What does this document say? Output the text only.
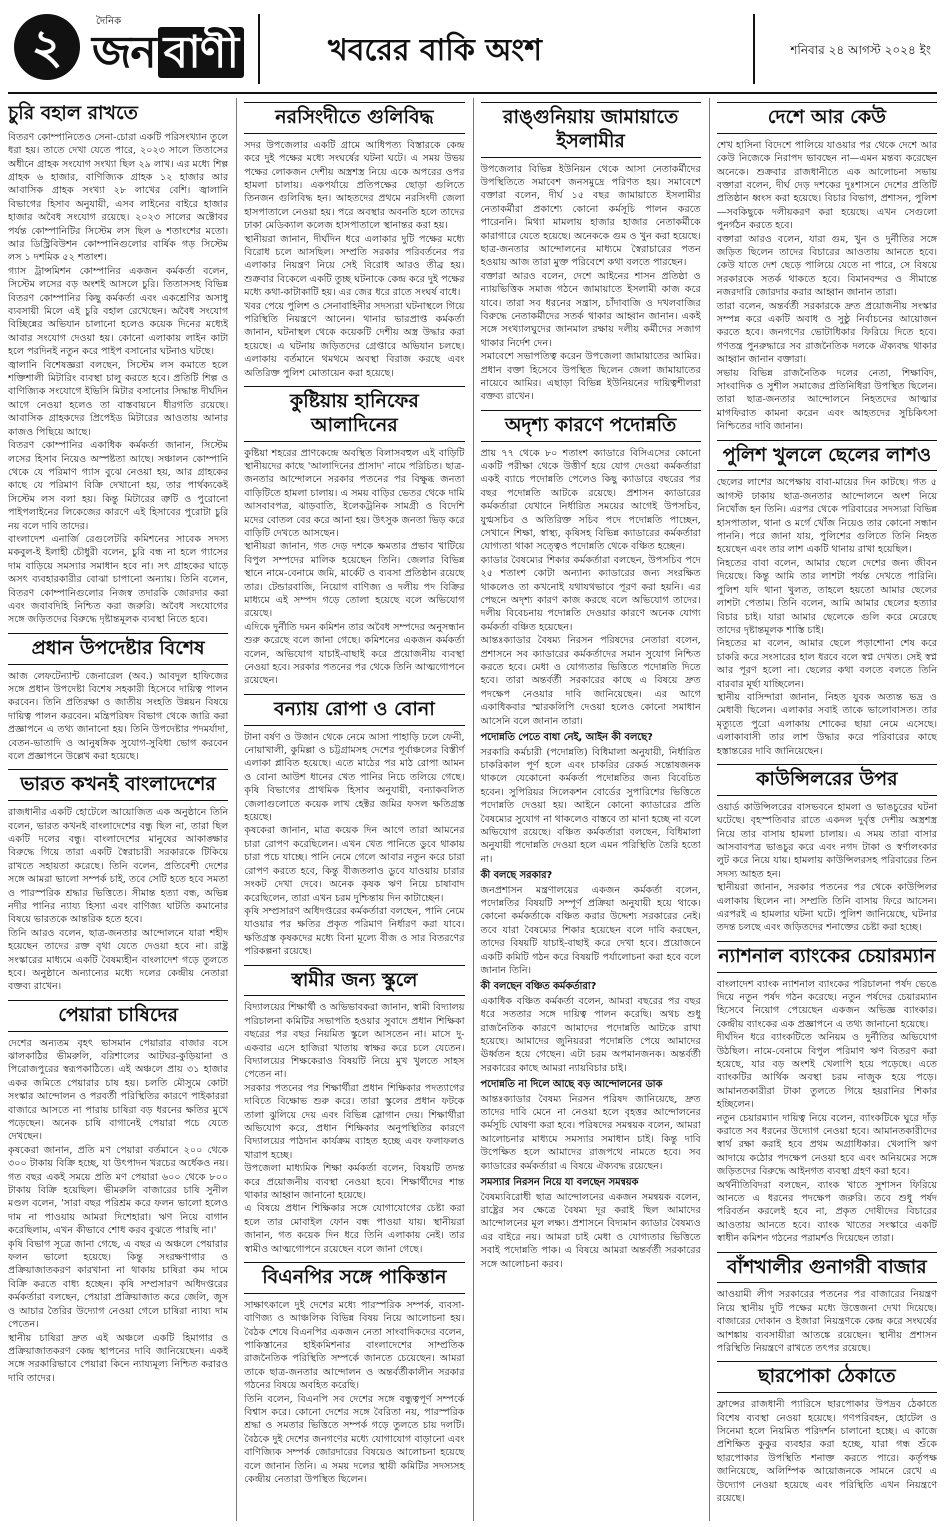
২	দৈনিক
জন বাণী	খবরের বাকি অংশ	শনিবার ২৪ আগস্ট ২০২৪ ইং
চুরি বহাল রাখতে

বিতরণ কোম্পানিতেও সেনা-চোরা একটি পরিসংখ্যান তুলে ধরা হয়। তাতে দেখা যেতে পারে, ২০২৩ সালে তিতাসের অধীনে গ্রাহক সংযোগ সংখ্যা ছিল ২৯ লাখ। এর মধ্যে শিল্প গ্রাহক ৬ হাজার, বাণিজ্যিক গ্রাহক ১২ হাজার আর আবাসিক গ্রাহক সংখ্যা ২৮ লাখের বেশি। জ্বালানি বিভাগের হিসাব অনুযায়ী, এসব লাইনের বাইরে হাজার হাজার অবৈধ সংযোগ রয়েছে। ২০২৩ সালের অক্টোবর পর্যন্ত কোম্পানিটির সিস্টেম লস ছিল ৬ শতাংশের মতো। আর ডিস্ট্রিবিউশন কোম্পানিগুলোর বার্ষিক গড় সিস্টেম লস ১ দশমিক ৫২ শতাংশ।
গ্যাস ট্রান্সমিশন কোম্পানির একজন কর্মকর্তা বলেন, সিস্টেম লসের বড় অংশই আসলে চুরি। তিতাসসহ বিভিন্ন বিতরণ কোম্পানির কিছু কর্মকর্তা এবং একশ্রেণির অসাধু ব্যবসায়ী মিলে এই চুরি বহাল রেখেছেন। অবৈধ সংযোগ বিচ্ছিন্নের অভিযান চালানো হলেও কয়েক দিনের মধ্যেই আবার সংযোগ দেওয়া হয়। কোনো এলাকায় লাইন কাটা হলে পরদিনই নতুন করে পাইপ বসানোর ঘটনাও ঘটছে।
জ্বালানি বিশেষজ্ঞরা বলছেন, সিস্টেম লস কমাতে হলে শক্তিশালী মিটারিং ব্যবস্থা চালু করতে হবে। প্রতিটি শিল্প ও বাণিজ্যিক সংযোগে ইভিসি মিটার বসানোর সিদ্ধান্ত দীর্ঘদিন আগে নেওয়া হলেও তা বাস্তবায়নে ধীরগতি রয়েছে। আবাসিক গ্রাহকদের প্রিপেইড মিটারের আওতায় আনার কাজও পিছিয়ে আছে।
বিতরণ কোম্পানির একাধিক কর্মকর্তা জানান, সিস্টেম লসের হিসাব নিয়েও অস্পষ্টতা আছে। সঞ্চালন কোম্পানি থেকে যে পরিমাণ গ্যাস বুঝে নেওয়া হয়, আর গ্রাহকের কাছে যে পরিমাণ বিক্রি দেখানো হয়, তার পার্থক্যকেই সিস্টেম লস বলা হয়। কিন্তু মিটারের ত্রুটি ও পুরোনো পাইপলাইনের লিকেজের কারণে এই হিসাবের পুরোটা চুরি নয় বলে দাবি তাদের।
বাংলাদেশ এনার্জি রেগুলেটরি কমিশনের সাবেক সদস্য মকবুল-ই ইলাহী চৌধুরী বলেন, চুরি বন্ধ না হলে গ্যাসের দাম বাড়িয়ে সমস্যার সমাধান হবে না। সৎ গ্রাহকের ঘাড়ে অসৎ ব্যবহারকারীর বোঝা চাপানো অন্যায়। তিনি বলেন, বিতরণ কোম্পানিগুলোর নিজস্ব তদারকি জোরদার করা এবং জবাবদিহি নিশ্চিত করা জরুরি। অবৈধ সংযোগের সঙ্গে জড়িতদের বিরুদ্ধে দৃষ্টান্তমূলক ব্যবস্থা নিতে হবে।

প্রধান উপদেষ্টার বিশেষ

আজ লেফটেন্যান্ট জেনারেল (অব.) আবদুল হাফিজের সঙ্গে প্রধান উপদেষ্টা বিশেষ সহকারী হিসেবে দায়িত্ব পালন করবেন। তিনি প্রতিরক্ষা ও জাতীয় সংহতি উন্নয়ন বিষয়ে দায়িত্ব পালন করবেন। মন্ত্রিপরিষদ বিভাগ থেকে জারি করা প্রজ্ঞাপনে এ তথ্য জানানো হয়। তিনি উপদেষ্টার পদমর্যাদা, বেতন-ভাতাদি ও আনুষঙ্গিক সুযোগ-সুবিধা ভোগ করবেন বলে প্রজ্ঞাপনে উল্লেখ করা হয়েছে।

ভারত কখনই বাংলাদেশের

রাজধানীর একটি হোটেলে আয়োজিত এক অনুষ্ঠানে তিনি বলেন, ভারত কখনই বাংলাদেশের বন্ধু ছিল না, তারা ছিল একটি দলের বন্ধু। বাংলাদেশের মানুষের আকাঙ্ক্ষার বিরুদ্ধে গিয়ে তারা একটি স্বৈরাচারী সরকারকে টিকিয়ে রাখতে সহায়তা করেছে। তিনি বলেন, প্রতিবেশী দেশের সঙ্গে আমরা ভালো সম্পর্ক চাই, তবে সেটি হতে হবে সমতা ও পারস্পরিক শ্রদ্ধার ভিত্তিতে। সীমান্ত হত্যা বন্ধ, অভিন্ন নদীর পানির ন্যায্য হিস্যা এবং বাণিজ্য ঘাটতি কমানোর বিষয়ে ভারতকে আন্তরিক হতে হবে।
তিনি আরও বলেন, ছাত্র-জনতার আন্দোলনে যারা শহীদ হয়েছেন তাদের রক্ত বৃথা যেতে দেওয়া হবে না। রাষ্ট্র সংস্কারের মাধ্যমে একটি বৈষম্যহীন বাংলাদেশ গড়ে তুলতে হবে। অনুষ্ঠানে অন্যান্যের মধ্যে দলের কেন্দ্রীয় নেতারা বক্তব্য রাখেন।

পেয়ারা চাষিদের

দেশের অন্যতম বৃহৎ ভাসমান পেয়ারার বাজার বসে ঝালকাঠির ভীমরুলি, বরিশালের আটঘর-কুড়িয়ানা ও পিরোজপুরের স্বরূপকাঠিতে। এই অঞ্চলে প্রায় ৩১ হাজার একর জমিতে পেয়ারার চাষ হয়। চলতি মৌসুমে কোটা সংস্কার আন্দোলন ও পরবর্তী পরিস্থিতির কারণে পাইকাররা বাজারে আসতে না পারায় চাষিরা বড় ধরনের ক্ষতির মুখে পড়েছেন। অনেক চাষি বাগানেই পেয়ারা পচে যেতে দেখছেন।
কৃষকেরা জানান, প্রতি মণ পেয়ারা বর্তমানে ২০০ থেকে ৩০০ টাকায় বিক্রি হচ্ছে, যা উৎপাদন খরচের অর্ধেকও নয়। গত বছর একই সময়ে প্রতি মণ পেয়ারা ৬০০ থেকে ৮০০ টাকায় বিক্রি হয়েছিল। ভীমরুলি বাজারের চাষি সুনীল মণ্ডল বলেন, 'সারা বছর পরিশ্রম করে ফলন ভালো হলেও দাম না পাওয়ায় আমরা দিশেহারা। ঋণ নিয়ে বাগান করেছিলাম, এখন কীভাবে শোধ করব বুঝতে পারছি না।'
কৃষি বিভাগ সূত্রে জানা গেছে, এ বছর এ অঞ্চলে পেয়ারার ফলন ভালো হয়েছে। কিন্তু সংরক্ষণাগার ও প্রক্রিয়াজাতকরণ কারখানা না থাকায় চাষিরা কম দামে বিক্রি করতে বাধ্য হচ্ছেন। কৃষি সম্প্রসারণ অধিদপ্তরের কর্মকর্তারা বলছেন, পেয়ারা প্রক্রিয়াজাত করে জেলি, জুস ও আচার তৈরির উদ্যোগ নেওয়া গেলে চাষিরা ন্যায্য দাম পেতেন।
স্থানীয় চাষিরা দ্রুত এই অঞ্চলে একটি হিমাগার ও প্রক্রিয়াজাতকরণ কেন্দ্র স্থাপনের দাবি জানিয়েছেন। একই সঙ্গে সরকারিভাবে পেয়ারা কিনে ন্যায্যমূল্য নিশ্চিত করারও দাবি তাদের।

নরসিংদীতে গুলিবিদ্ধ

সদর উপজেলার একটি গ্রামে আধিপত্য বিস্তারকে কেন্দ্র করে দুই পক্ষের মধ্যে সংঘর্ষের ঘটনা ঘটে। এ সময় উভয় পক্ষের লোকজন দেশীয় অস্ত্রশস্ত্র নিয়ে একে অপরের ওপর হামলা চালায়। একপর্যায়ে প্রতিপক্ষের ছোড়া গুলিতে তিনজন গুলিবিদ্ধ হন। আহতদের প্রথমে নরসিংদী জেলা হাসপাতালে নেওয়া হয়। পরে অবস্থার অবনতি হলে তাদের ঢাকা মেডিক্যাল কলেজ হাসপাতালে স্থানান্তর করা হয়।
স্থানীয়রা জানান, দীর্ঘদিন ধরে এলাকার দুটি পক্ষের মধ্যে বিরোধ চলে আসছিল। সম্প্রতি সরকার পরিবর্তনের পর এলাকার নিয়ন্ত্রণ নিয়ে সেই বিরোধ আরও তীব্র হয়। শুক্রবার বিকেলে একটি তুচ্ছ ঘটনাকে কেন্দ্র করে দুই পক্ষের মধ্যে কথা-কাটাকাটি হয়। এর জের ধরে রাতে সংঘর্ষ বাধে।
খবর পেয়ে পুলিশ ও সেনাবাহিনীর সদস্যরা ঘটনাস্থলে গিয়ে পরিস্থিতি নিয়ন্ত্রণে আনেন। থানার ভারপ্রাপ্ত কর্মকর্তা জানান, ঘটনাস্থল থেকে কয়েকটি দেশীয় অস্ত্র উদ্ধার করা হয়েছে। এ ঘটনায় জড়িতদের গ্রেপ্তারে অভিযান চলছে। এলাকায় বর্তমানে থমথমে অবস্থা বিরাজ করছে এবং অতিরিক্ত পুলিশ মোতায়েন করা হয়েছে।

কুষ্টিয়ায় হানিফের আলাদিনের

কুষ্টিয়া শহরের প্রাণকেন্দ্রে অবস্থিত বিলাসবহুল এই বাড়িটি স্থানীয়দের কাছে 'আলাদিনের প্রাসাদ' নামে পরিচিত। ছাত্র-জনতার আন্দোলনে সরকার পতনের পর বিক্ষুব্ধ জনতা বাড়িটিতে হামলা চালায়। এ সময় বাড়ির ভেতর থেকে দামি আসবাবপত্র, ঝাড়বাতি, ইলেকট্রনিক সামগ্রী ও বিদেশি মদের বোতল বের করে আনা হয়। উৎসুক জনতা ভিড় করে বাড়িটি দেখতে আসছেন।
স্থানীয়রা জানান, গত দেড় দশকে ক্ষমতার প্রভাব খাটিয়ে বিপুল সম্পদের মালিক হয়েছেন তিনি। জেলার বিভিন্ন স্থানে নামে-বেনামে জমি, মার্কেট ও ব্যবসা প্রতিষ্ঠান রয়েছে তার। টেন্ডারবাজি, নিয়োগ বাণিজ্য ও দলীয় পদ বিক্রির মাধ্যমে এই সম্পদ গড়ে তোলা হয়েছে বলে অভিযোগ রয়েছে।
এদিকে দুর্নীতি দমন কমিশন তার অবৈধ সম্পদের অনুসন্ধান শুরু করেছে বলে জানা গেছে। কমিশনের একজন কর্মকর্তা বলেন, অভিযোগ যাচাই-বাছাই করে প্রয়োজনীয় ব্যবস্থা নেওয়া হবে। সরকার পতনের পর থেকে তিনি আত্মগোপনে রয়েছেন।

বন্যায় রোপা ও বোনা

টানা বর্ষণ ও উজান থেকে নেমে আসা পাহাড়ি ঢলে ফেনী, নোয়াখালী, কুমিল্লা ও চট্টগ্রামসহ দেশের পূর্বাঞ্চলের বিস্তীর্ণ এলাকা প্লাবিত হয়েছে। এতে মাঠের পর মাঠ রোপা আমন ও বোনা আউশ ধানের খেত পানির নিচে তলিয়ে গেছে। কৃষি বিভাগের প্রাথমিক হিসাব অনুযায়ী, বন্যাকবলিত জেলাগুলোতে কয়েক লাখ হেক্টর জমির ফসল ক্ষতিগ্রস্ত হয়েছে।
কৃষকেরা জানান, মাত্র কয়েক দিন আগে তারা আমনের চারা রোপণ করেছিলেন। এখন খেত পানিতে ডুবে থাকায় চারা পচে যাচ্ছে। পানি নেমে গেলে আবার নতুন করে চারা রোপণ করতে হবে, কিন্তু বীজতলাও ডুবে যাওয়ায় চারার সংকট দেখা দেবে। অনেক কৃষক ঋণ নিয়ে চাষাবাদ করেছিলেন, তারা এখন চরম দুশ্চিন্তায় দিন কাটাচ্ছেন।
কৃষি সম্প্রসারণ অধিদপ্তরের কর্মকর্তারা বলছেন, পানি নেমে যাওয়ার পর ক্ষতির প্রকৃত পরিমাণ নির্ধারণ করা যাবে। ক্ষতিগ্রস্ত কৃষকদের মধ্যে বিনা মূল্যে বীজ ও সার বিতরণের পরিকল্পনা রয়েছে।

স্বামীর জন্য স্কুলে

বিদ্যালয়ের শিক্ষার্থী ও অভিভাবকরা জানান, স্বামী বিদ্যালয় পরিচালনা কমিটির সভাপতি হওয়ার সুবাদে প্রধান শিক্ষিকা বছরের পর বছর নিয়মিত স্কুলে আসতেন না। মাসে দু-একবার এসে হাজিরা খাতায় স্বাক্ষর করে চলে যেতেন। বিদ্যালয়ের শিক্ষকেরাও বিষয়টি নিয়ে মুখ খুলতে সাহস পেতেন না।
সরকার পতনের পর শিক্ষার্থীরা প্রধান শিক্ষিকার পদত্যাগের দাবিতে বিক্ষোভ শুরু করে। তারা স্কুলের প্রধান ফটকে তালা ঝুলিয়ে দেয় এবং বিভিন্ন স্লোগান দেয়। শিক্ষার্থীরা অভিযোগ করে, প্রধান শিক্ষিকার অনুপস্থিতির কারণে বিদ্যালয়ের পাঠদান কার্যক্রম ব্যাহত হচ্ছে এবং ফলাফলও খারাপ হচ্ছে।
উপজেলা মাধ্যমিক শিক্ষা কর্মকর্তা বলেন, বিষয়টি তদন্ত করে প্রয়োজনীয় ব্যবস্থা নেওয়া হবে। শিক্ষার্থীদের শান্ত থাকার আহ্বান জানানো হয়েছে।
এ বিষয়ে প্রধান শিক্ষিকার সঙ্গে যোগাযোগের চেষ্টা করা হলে তার মোবাইল ফোন বন্ধ পাওয়া যায়। স্থানীয়রা জানান, গত কয়েক দিন ধরে তিনি এলাকায় নেই। তার স্বামীও আত্মগোপনে রয়েছেন বলে জানা গেছে।

বিএনপির সঙ্গে পাকিস্তান

সাক্ষাৎকালে দুই দেশের মধ্যে পারস্পরিক সম্পর্ক, ব্যবসা-বাণিজ্য ও আঞ্চলিক বিভিন্ন বিষয় নিয়ে আলোচনা হয়। বৈঠক শেষে বিএনপির একজন নেতা সাংবাদিকদের বলেন, পাকিস্তানের হাইকমিশনার বাংলাদেশের সাম্প্রতিক রাজনৈতিক পরিস্থিতি সম্পর্কে জানতে চেয়েছেন। আমরা তাকে ছাত্র-জনতার আন্দোলন ও অন্তর্বর্তীকালীন সরকার গঠনের বিষয়ে অবহিত করেছি।
তিনি বলেন, বিএনপি সব দেশের সঙ্গে বন্ধুত্বপূর্ণ সম্পর্কে বিশ্বাস করে। কোনো দেশের সঙ্গে বৈরিতা নয়, পারস্পরিক শ্রদ্ধা ও সমতার ভিত্তিতে সম্পর্ক গড়ে তুলতে চায় দলটি। বৈঠকে দুই দেশের জনগণের মধ্যে যোগাযোগ বাড়ানো এবং বাণিজ্যিক সম্পর্ক জোরদারের বিষয়েও আলোচনা হয়েছে বলে জানান তিনি। এ সময় দলের স্থায়ী কমিটির সদস্যসহ কেন্দ্রীয় নেতারা উপস্থিত ছিলেন।

রাঙ্গুনিয়ায় জামায়াতে ইসলামীর

উপজেলার বিভিন্ন ইউনিয়ন থেকে আসা নেতাকর্মীদের উপস্থিতিতে সমাবেশ জনসমুদ্রে পরিণত হয়। সমাবেশে বক্তারা বলেন, দীর্ঘ ১৫ বছর জামায়াতে ইসলামীর নেতাকর্মীরা প্রকাশ্যে কোনো কর্মসূচি পালন করতে পারেননি। মিথ্যা মামলায় হাজার হাজার নেতাকর্মীকে কারাগারে যেতে হয়েছে। অনেককে গুম ও খুন করা হয়েছে। ছাত্র-জনতার আন্দোলনের মাধ্যমে স্বৈরাচারের পতন হওয়ায় আজ তারা মুক্ত পরিবেশে কথা বলতে পারছেন।
বক্তারা আরও বলেন, দেশে আইনের শাসন প্রতিষ্ঠা ও ন্যায়ভিত্তিক সমাজ গঠনে জামায়াতে ইসলামী কাজ করে যাবে। তারা সব ধরনের সন্ত্রাস, চাঁদাবাজি ও দখলবাজির বিরুদ্ধে নেতাকর্মীদের সতর্ক থাকার আহ্বান জানান। একই সঙ্গে সংখ্যালঘুদের জানমাল রক্ষায় দলীয় কর্মীদের সজাগ থাকার নির্দেশ দেন।
সমাবেশে সভাপতিত্ব করেন উপজেলা জামায়াতের আমির। প্রধান বক্তা হিসেবে উপস্থিত ছিলেন জেলা জামায়াতের নায়েবে আমির। এছাড়া বিভিন্ন ইউনিয়নের দায়িত্বশীলরা বক্তব্য রাখেন।

অদৃশ্য কারণে পদোন্নতি

প্রায় ৭৭ থেকে ৮০ শতাংশ ক্যাডারে বিসিএসের কোনো একটি পরীক্ষা থেকে উত্তীর্ণ হয়ে যোগ দেওয়া কর্মকর্তারা একই ব্যাচে পদোন্নতি পেলেও কিছু ক্যাডারে বছরের পর বছর পদোন্নতি আটকে রয়েছে। প্রশাসন ক্যাডারের কর্মকর্তারা যেখানে নির্ধারিত সময়ের আগেই উপসচিব, যুগ্মসচিব ও অতিরিক্ত সচিব পদে পদোন্নতি পাচ্ছেন, সেখানে শিক্ষা, স্বাস্থ্য, কৃষিসহ বিভিন্ন ক্যাডারের কর্মকর্তারা যোগ্যতা থাকা সত্ত্বেও পদোন্নতি থেকে বঞ্চিত হচ্ছেন।
ক্যাডার বৈষম্যের শিকার কর্মকর্তারা বলছেন, উপসচিব পদে ২৫ শতাংশ কোটা অন্যান্য ক্যাডারের জন্য সংরক্ষিত থাকলেও তা কখনোই যথাযথভাবে পূরণ করা হয়নি। এর পেছনে অদৃশ্য কারণ কাজ করছে বলে অভিযোগ তাদের। দলীয় বিবেচনায় পদোন্নতি দেওয়ার কারণে অনেক যোগ্য কর্মকর্তা বঞ্চিত হয়েছেন।
আন্তঃক্যাডার বৈষম্য নিরসন পরিষদের নেতারা বলেন, প্রশাসনে সব ক্যাডারের কর্মকর্তাদের সমান সুযোগ নিশ্চিত করতে হবে। মেধা ও যোগ্যতার ভিত্তিতে পদোন্নতি দিতে হবে। তারা অন্তর্বর্তী সরকারের কাছে এ বিষয়ে দ্রুত পদক্ষেপ নেওয়ার দাবি জানিয়েছেন। এর আগে একাধিকবার স্মারকলিপি দেওয়া হলেও কোনো সমাধান আসেনি বলে জানান তারা।

পদোন্নতি পেতে বাধা নেই, আইন কী বলছে?

সরকারি কর্মচারী (পদোন্নতি) বিধিমালা অনুযায়ী, নির্ধারিত চাকরিকাল পূর্ণ হলে এবং চাকরির রেকর্ড সন্তোষজনক থাকলে যেকোনো কর্মকর্তা পদোন্নতির জন্য বিবেচিত হবেন। সুপিরিয়র সিলেকশন বোর্ডের সুপারিশের ভিত্তিতে পদোন্নতি দেওয়া হয়। আইনে কোনো ক্যাডারের প্রতি বৈষম্যের সুযোগ না থাকলেও বাস্তবে তা মানা হচ্ছে না বলে অভিযোগ রয়েছে। বঞ্চিত কর্মকর্তারা বলছেন, বিধিমালা অনুযায়ী পদোন্নতি দেওয়া হলে এমন পরিস্থিতি তৈরি হতো না।

কী বলছে সরকার?

জনপ্রশাসন মন্ত্রণালয়ের একজন কর্মকর্তা বলেন, পদোন্নতির বিষয়টি সম্পূর্ণ প্রক্রিয়া অনুযায়ী হয়ে থাকে। কোনো কর্মকর্তাকে বঞ্চিত করার উদ্দেশ্য সরকারের নেই। তবে যারা বৈষম্যের শিকার হয়েছেন বলে দাবি করছেন, তাদের বিষয়টি যাচাই-বাছাই করে দেখা হবে। প্রয়োজনে একটি কমিটি গঠন করে বিষয়টি পর্যালোচনা করা হবে বলে জানান তিনি।

কী বলছেন বঞ্চিত কর্মকর্তারা?

একাধিক বঞ্চিত কর্মকর্তা বলেন, আমরা বছরের পর বছর ধরে সততার সঙ্গে দায়িত্ব পালন করেছি। অথচ শুধু রাজনৈতিক কারণে আমাদের পদোন্নতি আটকে রাখা হয়েছে। আমাদের জুনিয়ররা পদোন্নতি পেয়ে আমাদের ঊর্ধ্বতন হয়ে গেছেন। এটা চরম অপমানজনক। অন্তর্বর্তী সরকারের কাছে আমরা ন্যায়বিচার চাই।

পদোন্নতি না দিলে আছে বড় আন্দোলনের ডাক

আন্তঃক্যাডার বৈষম্য নিরসন পরিষদ জানিয়েছে, দ্রুত তাদের দাবি মেনে না নেওয়া হলে বৃহত্তর আন্দোলনের কর্মসূচি ঘোষণা করা হবে। পরিষদের সমন্বয়ক বলেন, আমরা আলোচনার মাধ্যমে সমস্যার সমাধান চাই। কিন্তু দাবি উপেক্ষিত হলে আমাদের রাজপথে নামতে হবে। সব ক্যাডারের কর্মকর্তারা এ বিষয়ে ঐক্যবদ্ধ রয়েছেন।

সমস্যার নিরসন নিয়ে যা বলছেন সমন্বয়ক

বৈষম্যবিরোধী ছাত্র আন্দোলনের একজন সমন্বয়ক বলেন, রাষ্ট্রের সব ক্ষেত্রে বৈষম্য দূর করাই ছিল আমাদের আন্দোলনের মূল লক্ষ্য। প্রশাসনে বিদ্যমান ক্যাডার বৈষম্যও এর বাইরে নয়। আমরা চাই মেধা ও যোগ্যতার ভিত্তিতে সবাই পদোন্নতি পাক। এ বিষয়ে আমরা অন্তর্বর্তী সরকারের সঙ্গে আলোচনা করব।

দেশে আর কেউ

শেখ হাসিনা বিদেশে পালিয়ে যাওয়ার পর থেকে দেশে আর কেউ নিজেকে নিরাপদ ভাবছেন না—এমন মন্তব্য করেছেন অনেকে। শুক্রবার রাজধানীতে এক আলোচনা সভায় বক্তারা বলেন, দীর্ঘ দেড় দশকের দুঃশাসনে দেশের প্রতিটি প্রতিষ্ঠান ধ্বংস করা হয়েছে। বিচার বিভাগ, প্রশাসন, পুলিশ—সবকিছুকে দলীয়করণ করা হয়েছে। এখন সেগুলো পুনর্গঠন করতে হবে।
বক্তারা আরও বলেন, যারা গুম, খুন ও দুর্নীতির সঙ্গে জড়িত ছিলেন তাদের বিচারের আওতায় আনতে হবে। কেউ যাতে দেশ ছেড়ে পালিয়ে যেতে না পারে, সে বিষয়ে সরকারকে সতর্ক থাকতে হবে। বিমানবন্দর ও সীমান্তে নজরদারি জোরদার করার আহ্বান জানান তারা।
তারা বলেন, অন্তর্বর্তী সরকারকে দ্রুত প্রয়োজনীয় সংস্কার সম্পন্ন করে একটি অবাধ ও সুষ্ঠু নির্বাচনের আয়োজন করতে হবে। জনগণের ভোটাধিকার ফিরিয়ে দিতে হবে। গণতন্ত্র পুনরুদ্ধারে সব রাজনৈতিক দলকে ঐক্যবদ্ধ থাকার আহ্বান জানান বক্তারা।
সভায় বিভিন্ন রাজনৈতিক দলের নেতা, শিক্ষাবিদ, সাংবাদিক ও সুশীল সমাজের প্রতিনিধিরা উপস্থিত ছিলেন। তারা ছাত্র-জনতার আন্দোলনে নিহতদের আত্মার মাগফিরাত কামনা করেন এবং আহতদের সুচিকিৎসা নিশ্চিতের দাবি জানান।

পুলিশ খুললে ছেলের লাশও

ছেলের লাশের অপেক্ষায় বাবা-মায়ের দিন কাটছে। গত ৫ আগস্ট ঢাকায় ছাত্র-জনতার আন্দোলনে অংশ নিয়ে নিখোঁজ হন তিনি। এরপর থেকে পরিবারের সদস্যরা বিভিন্ন হাসপাতাল, থানা ও মর্গে খোঁজ নিয়েও তার কোনো সন্ধান পাননি। পরে জানা যায়, পুলিশের গুলিতে তিনি নিহত হয়েছেন এবং তার লাশ একটি থানায় রাখা হয়েছিল।
নিহতের বাবা বলেন, আমার ছেলে দেশের জন্য জীবন দিয়েছে। কিন্তু আমি তার লাশটা পর্যন্ত দেখতে পারিনি। পুলিশ যদি থানা খুলত, তাহলে হয়তো আমার ছেলের লাশটা পেতাম। তিনি বলেন, আমি আমার ছেলের হত্যার বিচার চাই। যারা আমার ছেলেকে গুলি করে মেরেছে তাদের দৃষ্টান্তমূলক শাস্তি চাই।
নিহতের মা বলেন, আমার ছেলে পড়াশোনা শেষ করে চাকরি করে সংসারের হাল ধরবে বলে স্বপ্ন দেখত। সেই স্বপ্ন আর পূরণ হলো না। ছেলের কথা বলতে বলতে তিনি বারবার মূর্ছা যাচ্ছিলেন।
স্থানীয় বাসিন্দারা জানান, নিহত যুবক অত্যন্ত ভদ্র ও মেধাবী ছিলেন। এলাকার সবাই তাকে ভালোবাসত। তার মৃত্যুতে পুরো এলাকায় শোকের ছায়া নেমে এসেছে। এলাকাবাসী তার লাশ উদ্ধার করে পরিবারের কাছে হস্তান্তরের দাবি জানিয়েছেন।

কাউন্সিলরের উপর

ওয়ার্ড কাউন্সিলরের বাসভবনে হামলা ও ভাঙচুরের ঘটনা ঘটেছে। বৃহস্পতিবার রাতে একদল দুর্বৃত্ত দেশীয় অস্ত্রশস্ত্র নিয়ে তার বাসায় হামলা চালায়। এ সময় তারা বাসার আসবাবপত্র ভাঙচুর করে এবং নগদ টাকা ও স্বর্ণালংকার লুট করে নিয়ে যায়। হামলায় কাউন্সিলরসহ পরিবারের তিন সদস্য আহত হন।
স্থানীয়রা জানান, সরকার পতনের পর থেকে কাউন্সিলর এলাকায় ছিলেন না। সম্প্রতি তিনি বাসায় ফিরে আসেন। এরপরই এ হামলার ঘটনা ঘটে। পুলিশ জানিয়েছে, ঘটনার তদন্ত চলছে এবং জড়িতদের শনাক্তের চেষ্টা করা হচ্ছে।

ন্যাশনাল ব্যাংকের চেয়ারম্যান

বাংলাদেশ ব্যাংক ন্যাশনাল ব্যাংকের পরিচালনা পর্ষদ ভেঙে দিয়ে নতুন পর্ষদ গঠন করেছে। নতুন পর্ষদের চেয়ারম্যান হিসেবে নিয়োগ পেয়েছেন একজন অভিজ্ঞ ব্যাংকার। কেন্দ্রীয় ব্যাংকের এক প্রজ্ঞাপনে এ তথ্য জানানো হয়েছে।
দীর্ঘদিন ধরে ব্যাংকটিতে অনিয়ম ও দুর্নীতির অভিযোগ উঠছিল। নামে-বেনামে বিপুল পরিমাণ ঋণ বিতরণ করা হয়েছে, যার বড় অংশই খেলাপি হয়ে পড়েছে। এতে ব্যাংকটির আর্থিক অবস্থা চরম নাজুক হয়ে পড়ে। আমানতকারীরা টাকা তুলতে গিয়ে হয়রানির শিকার হচ্ছিলেন।
নতুন চেয়ারম্যান দায়িত্ব নিয়ে বলেন, ব্যাংকটিকে ঘুরে দাঁড় করাতে সব ধরনের উদ্যোগ নেওয়া হবে। আমানতকারীদের স্বার্থ রক্ষা করাই হবে প্রথম অগ্রাধিকার। খেলাপি ঋণ আদায়ে কঠোর পদক্ষেপ নেওয়া হবে এবং অনিয়মের সঙ্গে জড়িতদের বিরুদ্ধে আইনগত ব্যবস্থা গ্রহণ করা হবে।
অর্থনীতিবিদরা বলছেন, ব্যাংক খাতে সুশাসন ফিরিয়ে আনতে এ ধরনের পদক্ষেপ জরুরি। তবে শুধু পর্ষদ পরিবর্তন করলেই হবে না, প্রকৃত দোষীদের বিচারের আওতায় আনতে হবে। ব্যাংক খাতের সংস্কারে একটি স্বাধীন কমিশন গঠনের পরামর্শও দিয়েছেন তারা।

বাঁশখালীর গুনাগরী বাজার

আওয়ামী লীগ সরকারের পতনের পর বাজারের নিয়ন্ত্রণ নিয়ে স্থানীয় দুটি পক্ষের মধ্যে উত্তেজনা দেখা দিয়েছে। বাজারের দোকান ও ইজারা নিয়ন্ত্রণকে কেন্দ্র করে সংঘর্ষের আশঙ্কায় ব্যবসায়ীরা আতঙ্কে রয়েছেন। স্থানীয় প্রশাসন পরিস্থিতি নিয়ন্ত্রণে রাখতে তৎপর রয়েছে।

ছারপোকা ঠেকাতে

ফ্রান্সের রাজধানী প্যারিসে ছারপোকার উপদ্রব ঠেকাতে বিশেষ ব্যবস্থা নেওয়া হয়েছে। গণপরিবহন, হোটেল ও সিনেমা হলে নিয়মিত পরিদর্শন চালানো হচ্ছে। এ কাজে প্রশিক্ষিত কুকুর ব্যবহার করা হচ্ছে, যারা গন্ধ শুঁকে ছারপোকার উপস্থিতি শনাক্ত করতে পারে। কর্তৃপক্ষ জানিয়েছে, অলিম্পিক আয়োজনকে সামনে রেখে এ উদ্যোগ নেওয়া হয়েছে এবং পরিস্থিতি এখন নিয়ন্ত্রণে রয়েছে।
